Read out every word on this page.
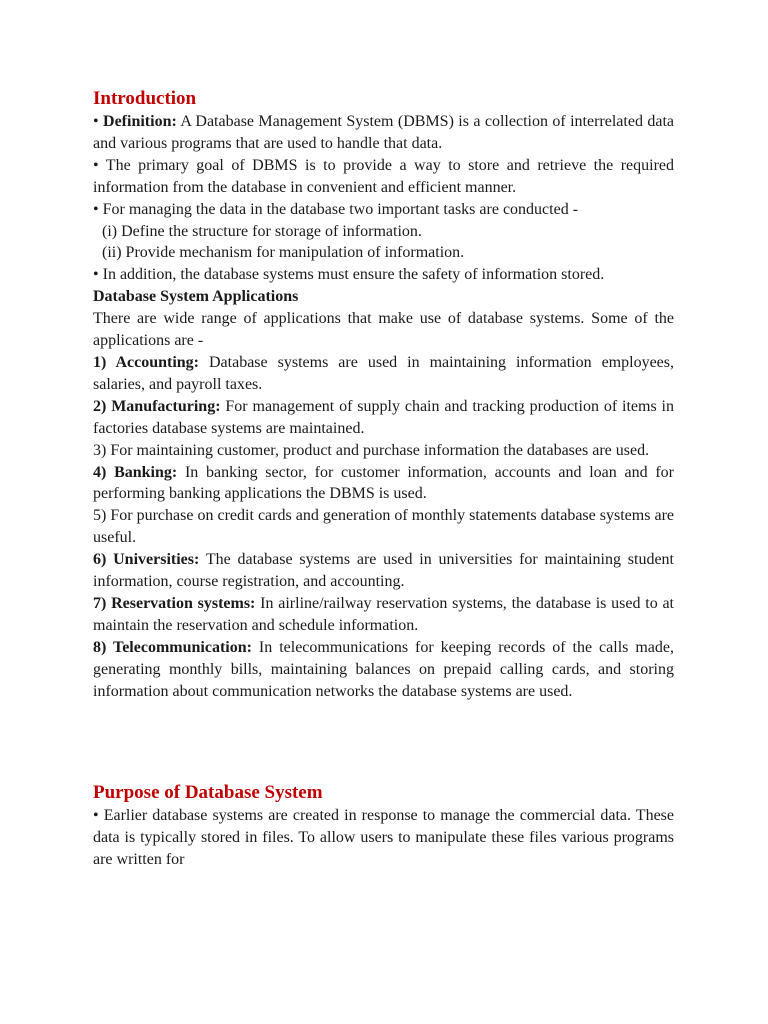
Introduction

• Definition: A Database Management System (DBMS) is a collection of interrelated data and various programs that are used to handle that data.

• The primary goal of DBMS is to provide a way to store and retrieve the required information from the database in convenient and efficient manner.

• For managing the data in the database two important tasks are conducted -

(i) Define the structure for storage of information.

(ii) Provide mechanism for manipulation of information.

• In addition, the database systems must ensure the safety of information stored.

Database System Applications

There are wide range of applications that make use of database systems. Some of the applications are -

1) Accounting: Database systems are used in maintaining information employees, salaries, and payroll taxes.

2) Manufacturing: For management of supply chain and tracking production of items in factories database systems are maintained.

3) For maintaining customer, product and purchase information the databases are used.

4) Banking: In banking sector, for customer information, accounts and loan and for performing banking applications the DBMS is used.

5) For purchase on credit cards and generation of monthly statements database systems are useful.

6) Universities: The database systems are used in universities for maintaining student information, course registration, and accounting.

7) Reservation systems: In airline/railway reservation systems, the database is used to at maintain the reservation and schedule information.

8) Telecommunication: In telecommunications for keeping records of the calls made, generating monthly bills, maintaining balances on prepaid calling cards, and storing information about communication networks the database systems are used.

Purpose of Database System

• Earlier database systems are created in response to manage the commercial data. These data is typically stored in files. To allow users to manipulate these files various programs are written for
